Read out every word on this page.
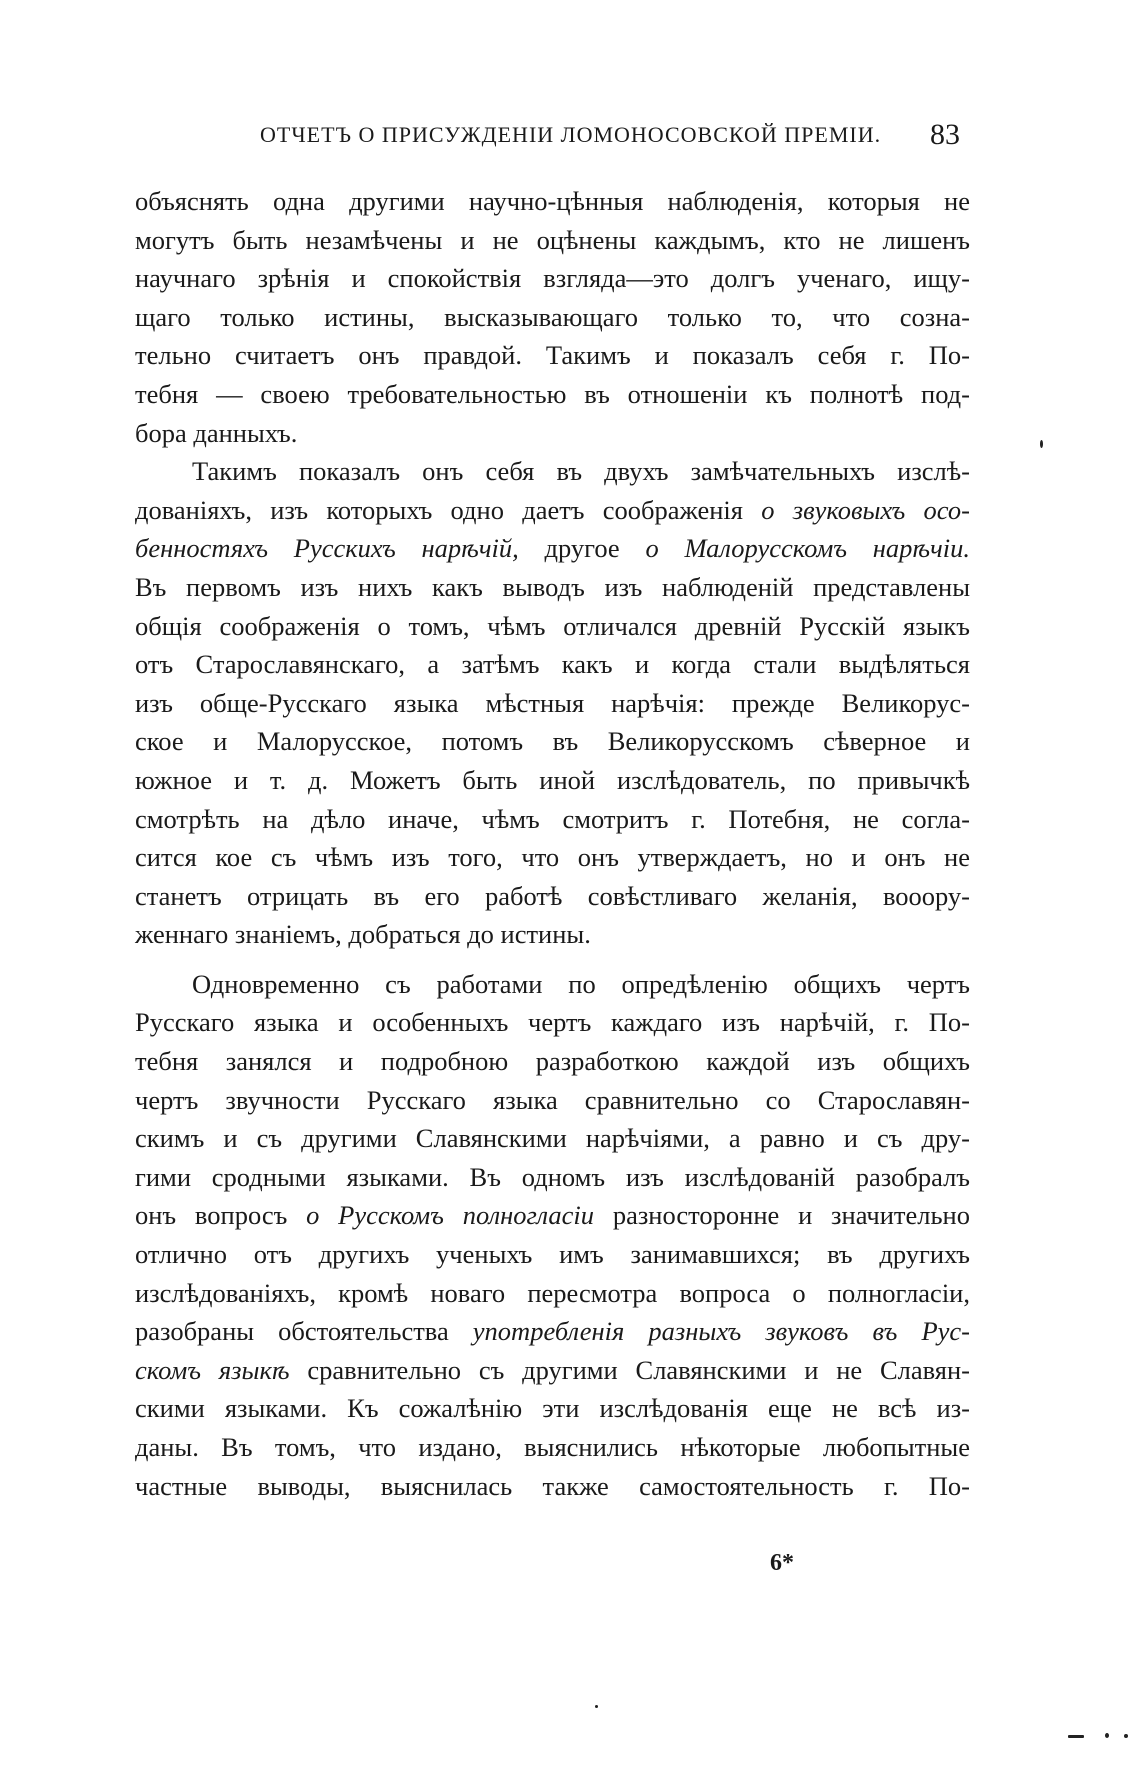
ОТЧЕТЪ О ПРИСУЖДЕНІИ ЛОМОНОСОВСКОЙ ПРЕМІИ. 83
объяснять одна другими научно-цѣнныя наблюденія, которыя не
могутъ быть незамѣчены и не оцѣнены каждымъ, кто не лишенъ
научнаго зрѣнія и спокойствія взгляда—это долгъ ученаго, ищу-
щаго только истины, высказывающаго только то, что созна-
тельно считаетъ онъ правдой. Такимъ и показалъ себя г. По-
тебня — своею требовательностью въ отношеніи къ полнотѣ под-
бора данныхъ.
Такимъ показалъ онъ себя въ двухъ замѣчательныхъ изслѣ-
дованіяхъ, изъ которыхъ одно даетъ соображенія о звуковыхъ осо-
бенностяхъ Русскихъ нарѣчій, другое о Малорусскомъ нарѣчіи.
Въ первомъ изъ нихъ какъ выводъ изъ наблюденій представлены
общія соображенія о томъ, чѣмъ отличался древній Русскій языкъ
отъ Старославянскаго, а затѣмъ какъ и когда стали выдѣляться
изъ обще-Русскаго языка мѣстныя нарѣчія: прежде Великорус-
ское и Малорусское, потомъ въ Великорусскомъ сѣверное и
южное и т. д. Можетъ быть иной изслѣдователь, по привычкѣ
смотрѣть на дѣло иначе, чѣмъ смотритъ г. Потебня, не согла-
сится кое съ чѣмъ изъ того, что онъ утверждаетъ, но и онъ не
станетъ отрицать въ его работѣ совѣстливаго желанія, вооору-
женнаго знаніемъ, добраться до истины.
Одновременно съ работами по опредѣленію общихъ чертъ
Русскаго языка и особенныхъ чертъ каждаго изъ нарѣчій, г. По-
тебня занялся и подробною разработкою каждой изъ общихъ
чертъ звучности Русскаго языка сравнительно со Старославян-
скимъ и съ другими Славянскими нарѣчіями, а равно и съ дру-
гими сродными языками. Въ одномъ изъ изслѣдованій разобралъ
онъ вопросъ о Русскомъ полногласіи разносторонне и значительно
отлично отъ другихъ ученыхъ имъ занимавшихся; въ другихъ
изслѣдованіяхъ, кромѣ новаго пересмотра вопроса о полногласіи,
разобраны обстоятельства употребленія разныхъ звуковъ въ Рус-
скомъ языкѣ сравнительно съ другими Славянскими и не Славян-
скими языками. Къ сожалѣнію эти изслѣдованія еще не всѣ из-
даны. Въ томъ, что издано, выяснились нѣкоторые любопытные
частные выводы, выяснилась также самостоятельность г. По-
6*
